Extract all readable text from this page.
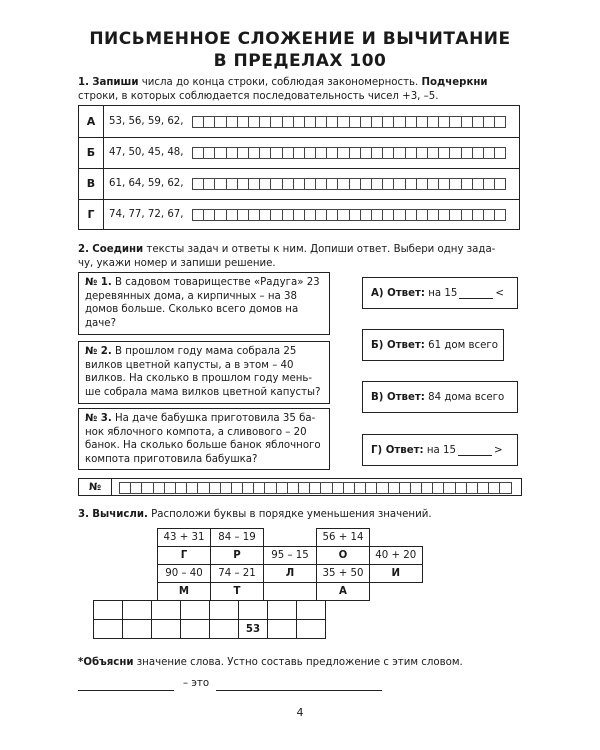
ПИСЬМЕННОЕ СЛОЖЕНИЕ И ВЫЧИТАНИЕ
В ПРЕДЕЛАХ 100
1. Запиши числа до конца строки, соблюдая закономерность. Подчеркни
строки, в которых соблюдается последовательность чисел +3, –5.
А	53, 56, 59, 62,
Б	47, 50, 45, 48,
В	61, 64, 59, 62,
Г	74, 77, 72, 67,
2. Соедини тексты задач и ответы к ним. Допиши ответ. Выбери одну зада-
чу, укажи номер и запиши решение.
№ 1. В садовом товариществе «Радуга» 23 деревянных дома, а кирпичных – на 38 домов больше. Сколько всего домов на даче?
№ 2. В прошлом году мама собрала 25 вилков цветной капусты, а в этом – 40 вилков. На сколько в прошлом году меньше собрала мама вилков цветной капусты?
№ 3. На даче бабушка приготовила 35 банок яблочного компота, а сливового – 20 банок. На сколько больше банок яблочного компота приготовила бабушка?
А) Ответ:
на 15	<
Б) Ответ:
61 дом всего
В) Ответ:
84 дома всего
Г) Ответ:
на 15	>
№
3. Вычисли. Расположи буквы в порядке уменьшения значений.
43 + 31	84 – 19		56 + 14	
Г	Р	95 – 15	О	40 + 20
90 – 40	74 – 21	Л	35 + 50	И
М	Т		А	

					53		
*Объясни значение слова. Устно составь предложение с этим словом.
– это
4
